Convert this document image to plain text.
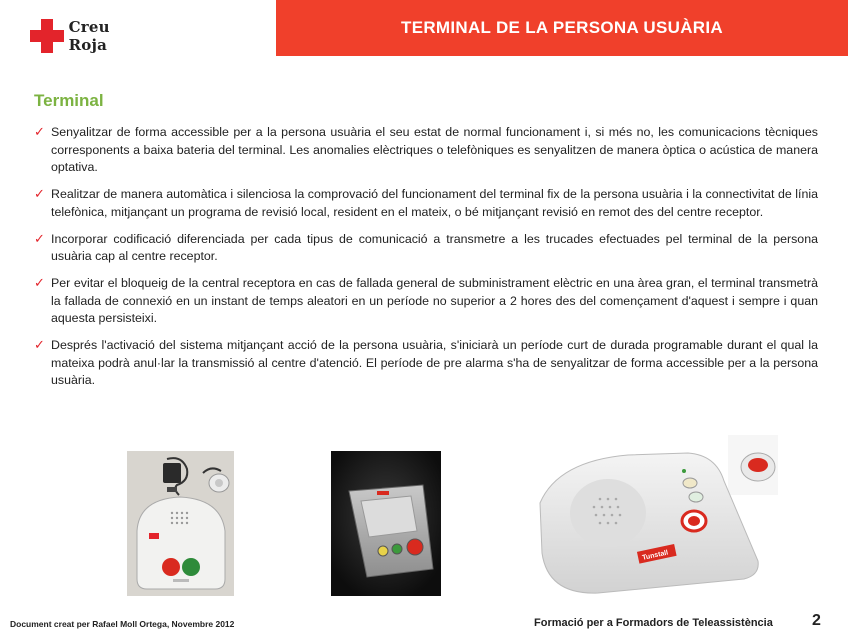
Creu Roja
TERMINAL DE LA PERSONA USUÀRIA
Terminal
✓ Senyalitzar de forma accessible per a la persona usuària el seu estat de normal funcionament i, si més no, les comunicacions tècniques corresponents a baixa bateria del terminal. Les anomalies elèctriques o telefòniques es senyalitzen de manera òptica o acústica de manera optativa.
✓ Realitzar de manera automàtica i silenciosa la comprovació del funcionament del terminal fix de la persona usuària i la connectivitat de línia telefònica, mitjançant un programa de revisió local, resident en el mateix, o bé mitjançant revisió en remot des del centre receptor.
✓ Incorporar codificació diferenciada per cada tipus de comunicació a transmetre a les trucades efectuades pel terminal de la persona usuària cap al centre receptor.
✓ Per evitar el bloqueig de la central receptora en cas de fallada general de subministrament elèctric en una àrea gran, el terminal transmetrà la fallada de connexió en un instant de temps aleatori en un període no superior a 2 hores des del començament d'aquest i sempre i quan aquesta persisteixi.
✓ Després l'activació del sistema mitjançant acció de la persona usuària, s'iniciarà un període curt de durada programable durant el qual la mateixa podrà anul·lar la transmissió al centre d'atenció. El període de pre alarma s'ha de senyalitzar de forma accessible per a la persona usuària.
Tunstall
Document creat per Rafael Moll Ortega, Novembre 2012	Formació per a Formadors de Teleassistència 2
